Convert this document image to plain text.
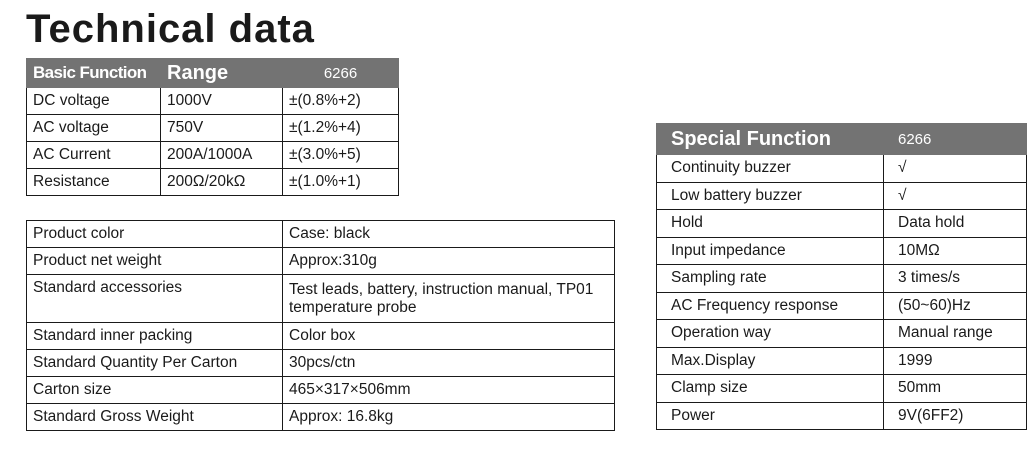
Technical data
Basic Function	Range	6266
DC voltage	1000V	±(0.8%+2)
AC voltage	750V	±(1.2%+4)
AC Current	200A/1000A	±(3.0%+5)
Resistance	200Ω/20kΩ	±(1.0%+1)
Product color	Case: black
Product net weight	Approx:310g
Standard accessories	Test leads, battery, instruction manual, TP01 temperature probe
Standard inner packing	Color box
Standard Quantity Per Carton	30pcs/ctn
Carton size	465×317×506mm
Standard Gross Weight	Approx: 16.8kg
Special Function	6266
Continuity buzzer	√
Low battery buzzer	√
Hold	Data hold
Input impedance	10MΩ
Sampling rate	3 times/s
AC Frequency response	(50~60)Hz
Operation way	Manual range
Max.Display	1999
Clamp size	50mm
Power	9V(6FF2)
